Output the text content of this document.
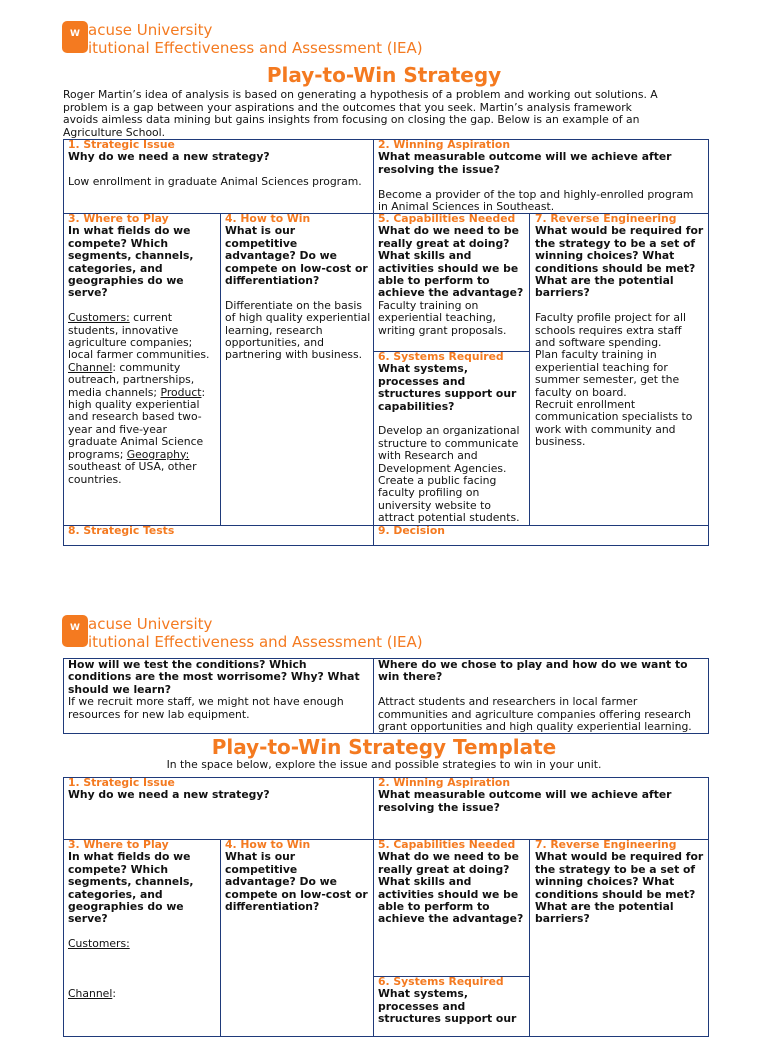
W acuse University
itutional Effectiveness and Assessment (IEA)
Play-to-Win Strategy
Roger Martin’s idea of analysis is based on generating a hypothesis of a problem and working out solutions. A problem is a gap between your aspirations and the outcomes that you seek. Martin’s analysis framework avoids aimless data mining but gains insights from focusing on closing the gap. Below is an example of an Agriculture School.
1. Strategic Issue
Why do we need a new strategy?
Low enrollment in graduate Animal Sciences program.
2. Winning Aspiration
What measurable outcome will we achieve after resolving the issue?
Become a provider of the top and highly-enrolled program in Animal Sciences in Southeast.
3. Where to Play
In what fields do we compete? Which segments, channels, categories, and geographies do we serve?
Customers: current students, innovative agriculture companies; local farmer communities. Channel: community outreach, partnerships, media channels; Product: high quality experiential and research based two-year and five-year graduate Animal Science programs; Geography: southeast of USA, other countries.
4. How to Win
What is our competitive advantage? Do we compete on low-cost or differentiation?
Differentiate on the basis of high quality experiential learning, research opportunities, and partnering with business.
5. Capabilities Needed
What do we need to be really great at doing? What skills and activities should we be able to perform to achieve the advantage?
Faculty training on experiential teaching, writing grant proposals.
6. Systems Required
What systems, processes and structures support our capabilities?
Develop an organizational structure to communicate with Research and Development Agencies.
Create a public facing faculty profiling on university website to attract potential students.
7. Reverse Engineering
What would be required for the strategy to be a set of winning choices? What conditions should be met? What are the potential barriers?
Faculty profile project for all schools requires extra staff and software spending.
Plan faculty training in experiential teaching for summer semester, get the faculty on board.
Recruit enrollment communication specialists to work with community and business.
8. Strategic Tests	9. Decision
W acuse University
itutional Effectiveness and Assessment (IEA)
How will we test the conditions? Which conditions are the most worrisome? Why? What should we learn?
If we recruit more staff, we might not have enough resources for new lab equipment.
Where do we chose to play and how do we want to win there?
Attract students and researchers in local farmer communities and agriculture companies offering research grant opportunities and high quality experiential learning.
Play-to-Win Strategy Template
In the space below, explore the issue and possible strategies to win in your unit.
1. Strategic Issue
Why do we need a new strategy?
2. Winning Aspiration
What measurable outcome will we achieve after resolving the issue?
3. Where to Play
In what fields do we compete? Which segments, channels, categories, and geographies do we serve?
Customers:
Channel:
4. How to Win
What is our competitive advantage? Do we compete on low-cost or differentiation?
5. Capabilities Needed
What do we need to be really great at doing? What skills and activities should we be able to perform to achieve the advantage?
6. Systems Required
What systems, processes and structures support our
7. Reverse Engineering
What would be required for the strategy to be a set of winning choices? What conditions should be met? What are the potential barriers?
